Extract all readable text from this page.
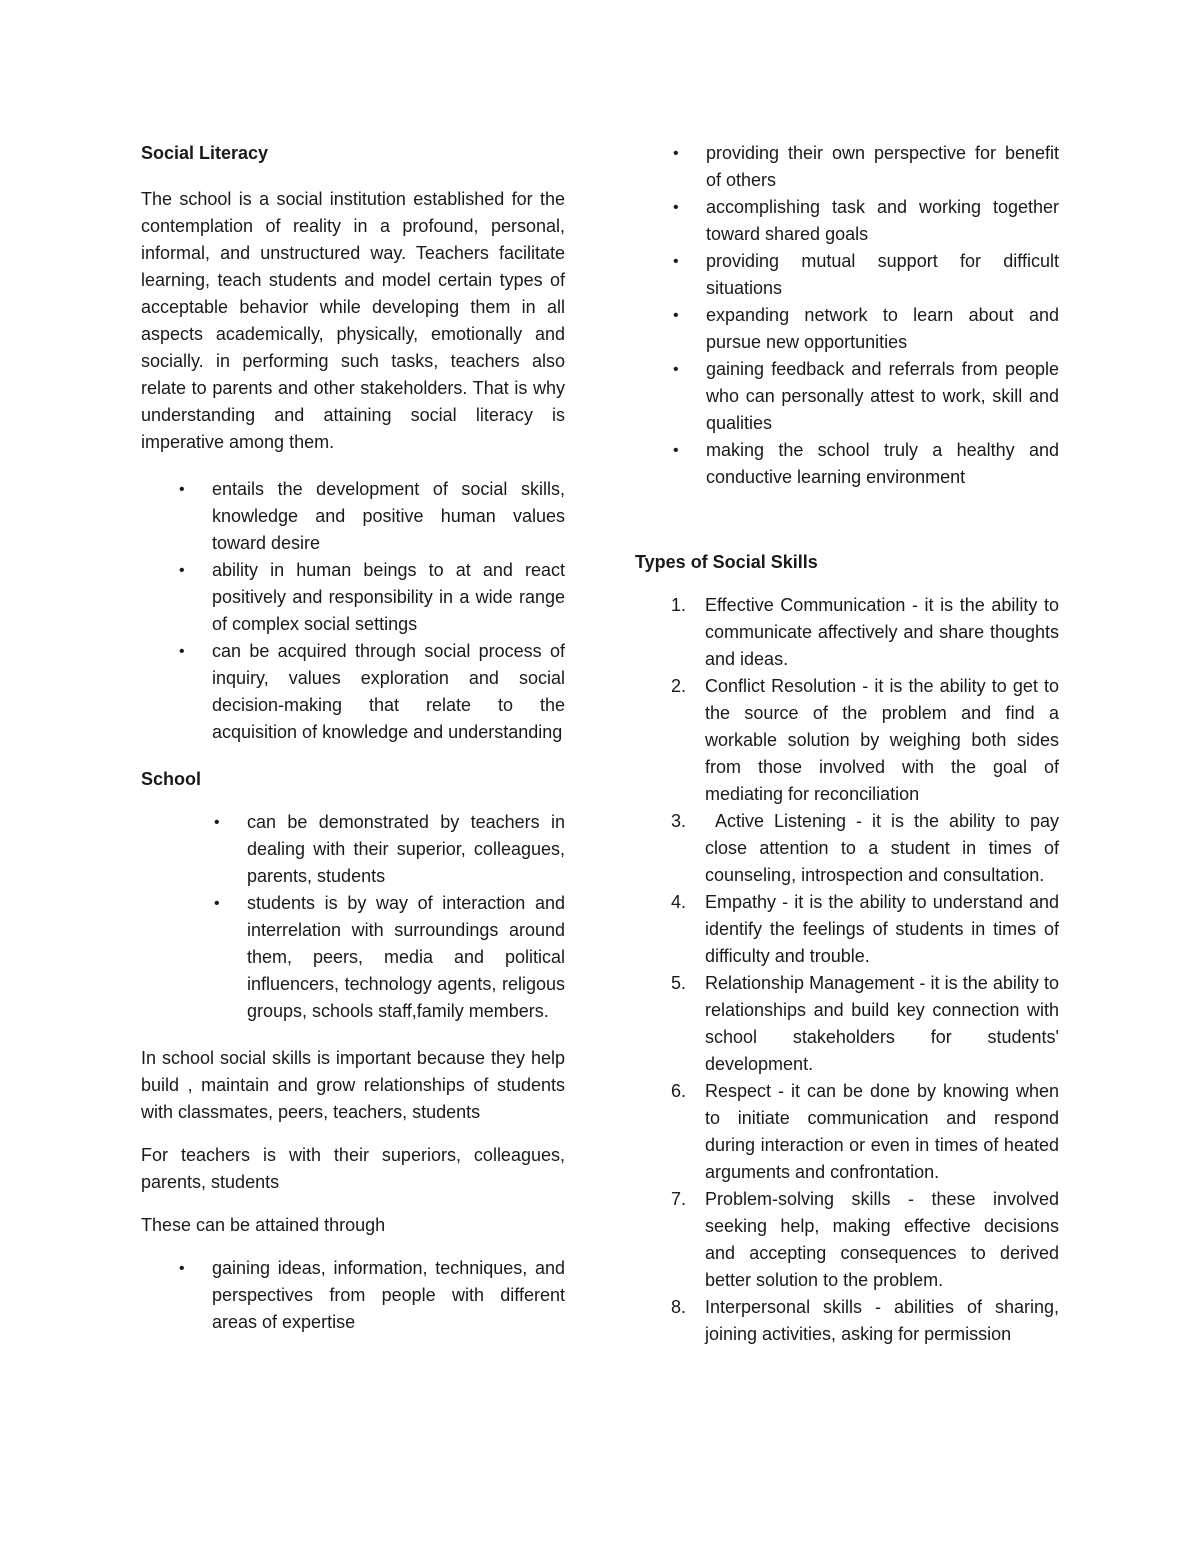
Social Literacy

The school is a social institution established for the contemplation of reality in a profound, personal, informal, and unstructured way. Teachers facilitate learning, teach students and model certain types of acceptable behavior while developing them in all aspects academically, physically, emotionally and socially. in performing such tasks, teachers also relate to parents and other stakeholders. That is why understanding and attaining social literacy is imperative among them.

• entails the development of social skills, knowledge and positive human values toward desire
• ability in human beings to at and react positively and responsibility in a wide range of complex social settings
• can be acquired through social process of inquiry, values exploration and social decision-making that relate to the acquisition of knowledge and understanding

School

• can be demonstrated by teachers in dealing with their superior, colleagues, parents, students
• students is by way of interaction and interrelation with surroundings around them, peers, media and political influencers, technology agents, religous groups, schools staff,family members.

In school social skills is important because they help build , maintain and grow relationships of students with classmates, peers, teachers, students

For teachers is with their superiors, colleagues, parents, students

These can be attained through

• gaining ideas, information, techniques, and perspectives from people with different areas of expertise
• providing their own perspective for benefit of others
• accomplishing task and working together toward shared goals
• providing mutual support for difficult situations
• expanding network to learn about and pursue new opportunities
• gaining feedback and referrals from people who can personally attest to work, skill and qualities
• making the school truly a healthy and conductive learning environment

Types of Social Skills

1. Effective Communication - it is the ability to communicate affectively and share thoughts and ideas.
2. Conflict Resolution - it is the ability to get to the source of the problem and find a workable solution by weighing both sides from those involved with the goal of mediating for reconciliation
3. Active Listening - it is the ability to pay close attention to a student in times of counseling, introspection and consultation.
4. Empathy - it is the ability to understand and identify the feelings of students in times of difficulty and trouble.
5. Relationship Management - it is the ability to relationships and build key connection with school stakeholders for students' development.
6. Respect - it can be done by knowing when to initiate communication and respond during interaction or even in times of heated arguments and confrontation.
7. Problem-solving skills - these involved seeking help, making effective decisions and accepting consequences to derived better solution to the problem.
8. Interpersonal skills - abilities of sharing, joining activities, asking for permission
